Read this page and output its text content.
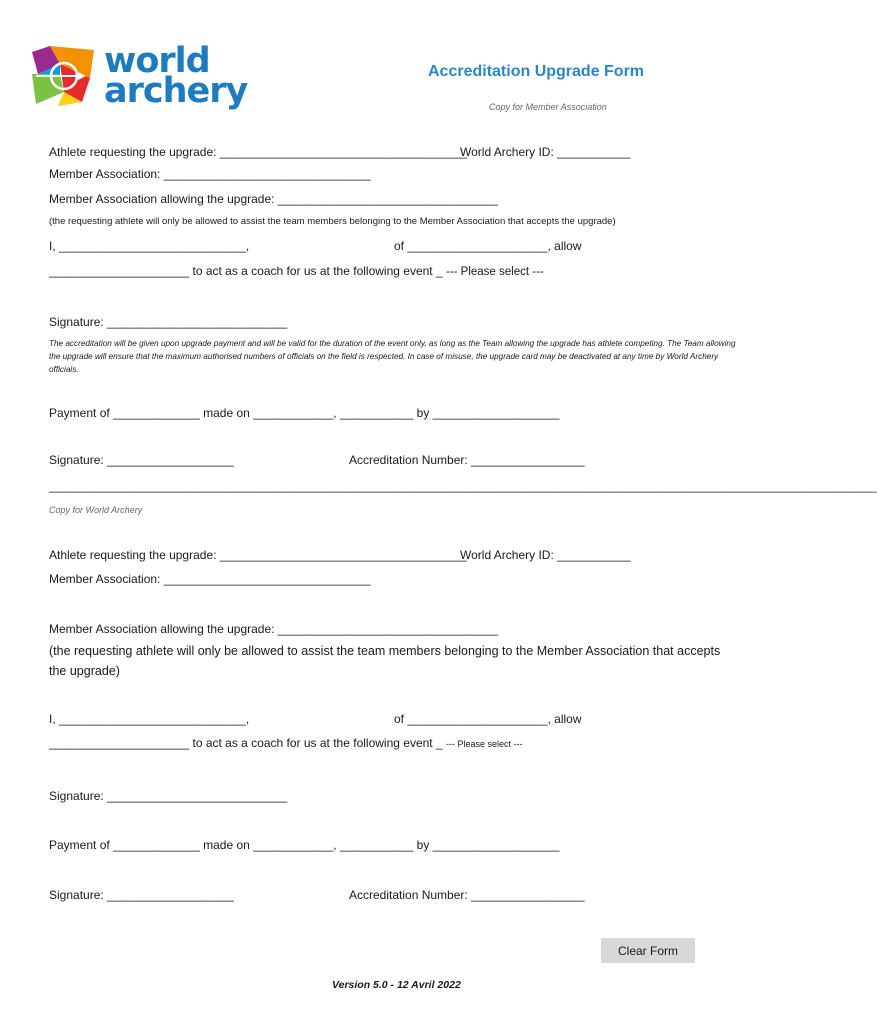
world
archery	Accreditation Upgrade Form
Copy for Member Association
Athlete requesting the upgrade: _____________________________________
World Archery ID: ___________
Member Association: _______________________________
Member Association allowing the upgrade: _________________________________
(the requesting athlete will only be allowed to assist the team members belonging to the Member Association that accepts the upgrade)
I, ____________________________,	of _____________________, allow
_____________________ to act as a coach for us at the following event _ --- Please select ---
Signature: ___________________________
The accreditation will be given upon upgrade payment and will be valid for the duration of the event only, as long as the Team allowing the upgrade has athlete competing. The Team allowing the upgrade will ensure that the maximum authorised numbers of officials on the field is respected. In case of misuse, the upgrade card may be deactivated at any time by World Archery officials.
Payment of _____________ made on ____________, ___________ by ___________________
Signature: ___________________	Accreditation Number: _________________
____________________________________________________________________________________________________________________________
Copy for World Archery
Athlete requesting the upgrade: _____________________________________
World Archery ID: ___________
Member Association: _______________________________
Member Association allowing the upgrade: _________________________________
(the requesting athlete will only be allowed to assist the team members belonging to the Member Association that accepts the upgrade)
I, ____________________________,	of _____________________, allow
_____________________ to act as a coach for us at the following event _ --- Please select ---
Signature: ___________________________
Payment of _____________ made on ____________, ___________ by ___________________
Signature: ___________________	Accreditation Number: _________________
Clear Form
Version 5.0 - 12 Avril 2022
